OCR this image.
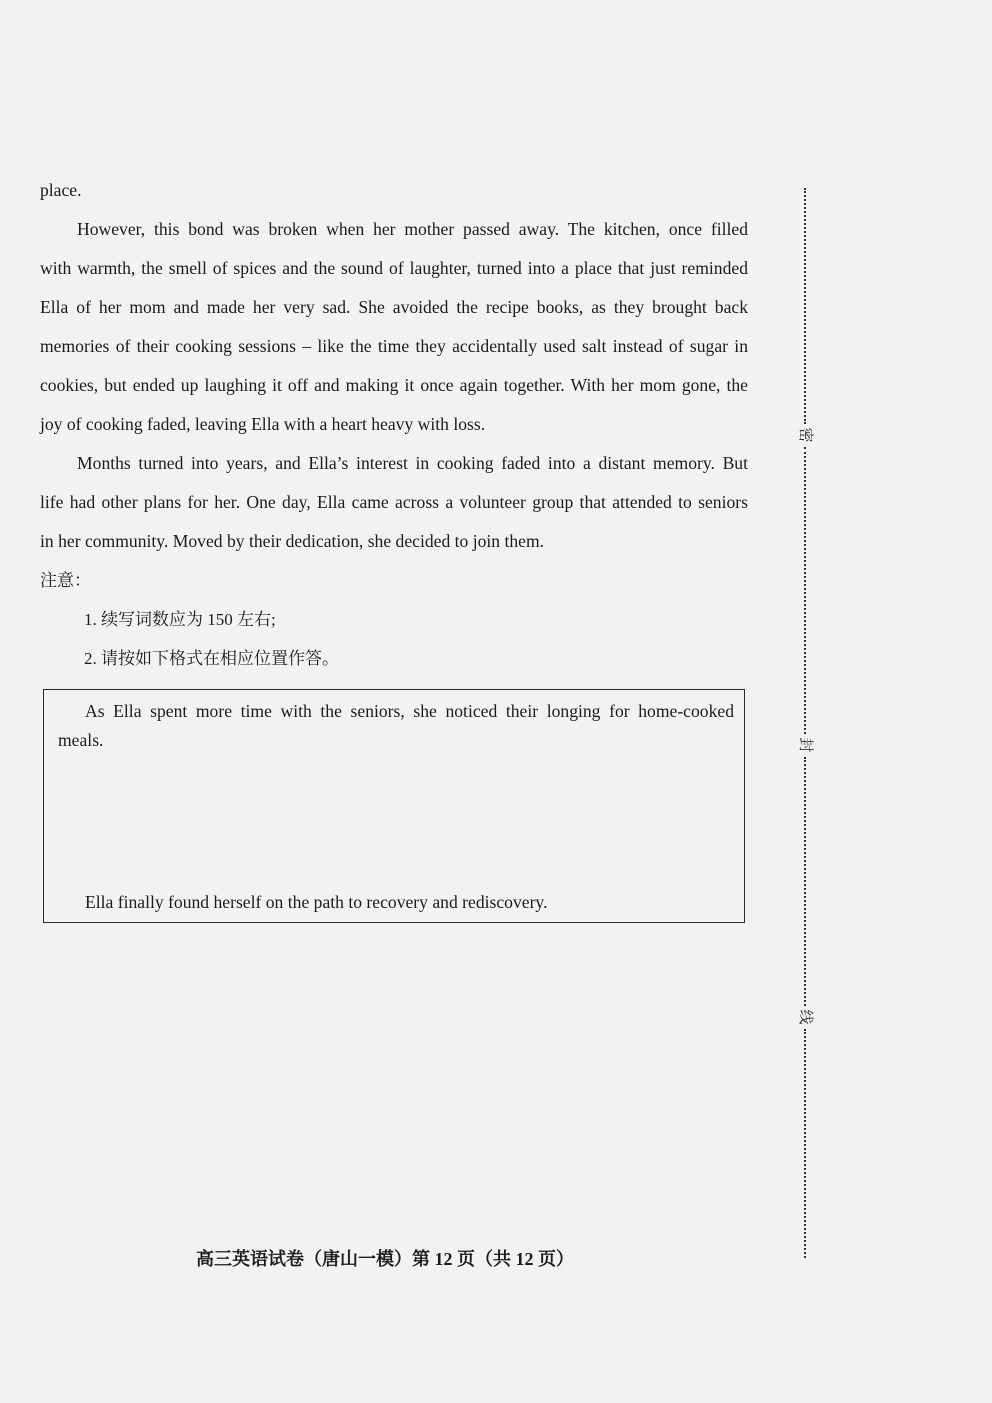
place.
However, this bond was broken when her mother passed away. The kitchen, once filled
with warmth, the smell of spices and the sound of laughter, turned into a place that just reminded
Ella of her mom and made her very sad. She avoided the recipe books, as they brought back
memories of their cooking sessions – like the time they accidentally used salt instead of sugar in
cookies, but ended up laughing it off and making it once again together. With her mom gone, the
joy of cooking faded, leaving Ella with a heart heavy with loss.
Months turned into years, and Ella’s interest in cooking faded into a distant memory. But
life had other plans for her. One day, Ella came across a volunteer group that attended to seniors
in her community. Moved by their dedication, she decided to join them.
注意：
1. 续写词数应为 150 左右;
2. 请按如下格式在相应位置作答。
As Ella spent more time with the seniors, she noticed their longing for home-cooked
meals.
Ella finally found herself on the path to recovery and rediscovery.
高三英语试卷（唐山一模）第 12 页（共 12 页）
密
封
线
